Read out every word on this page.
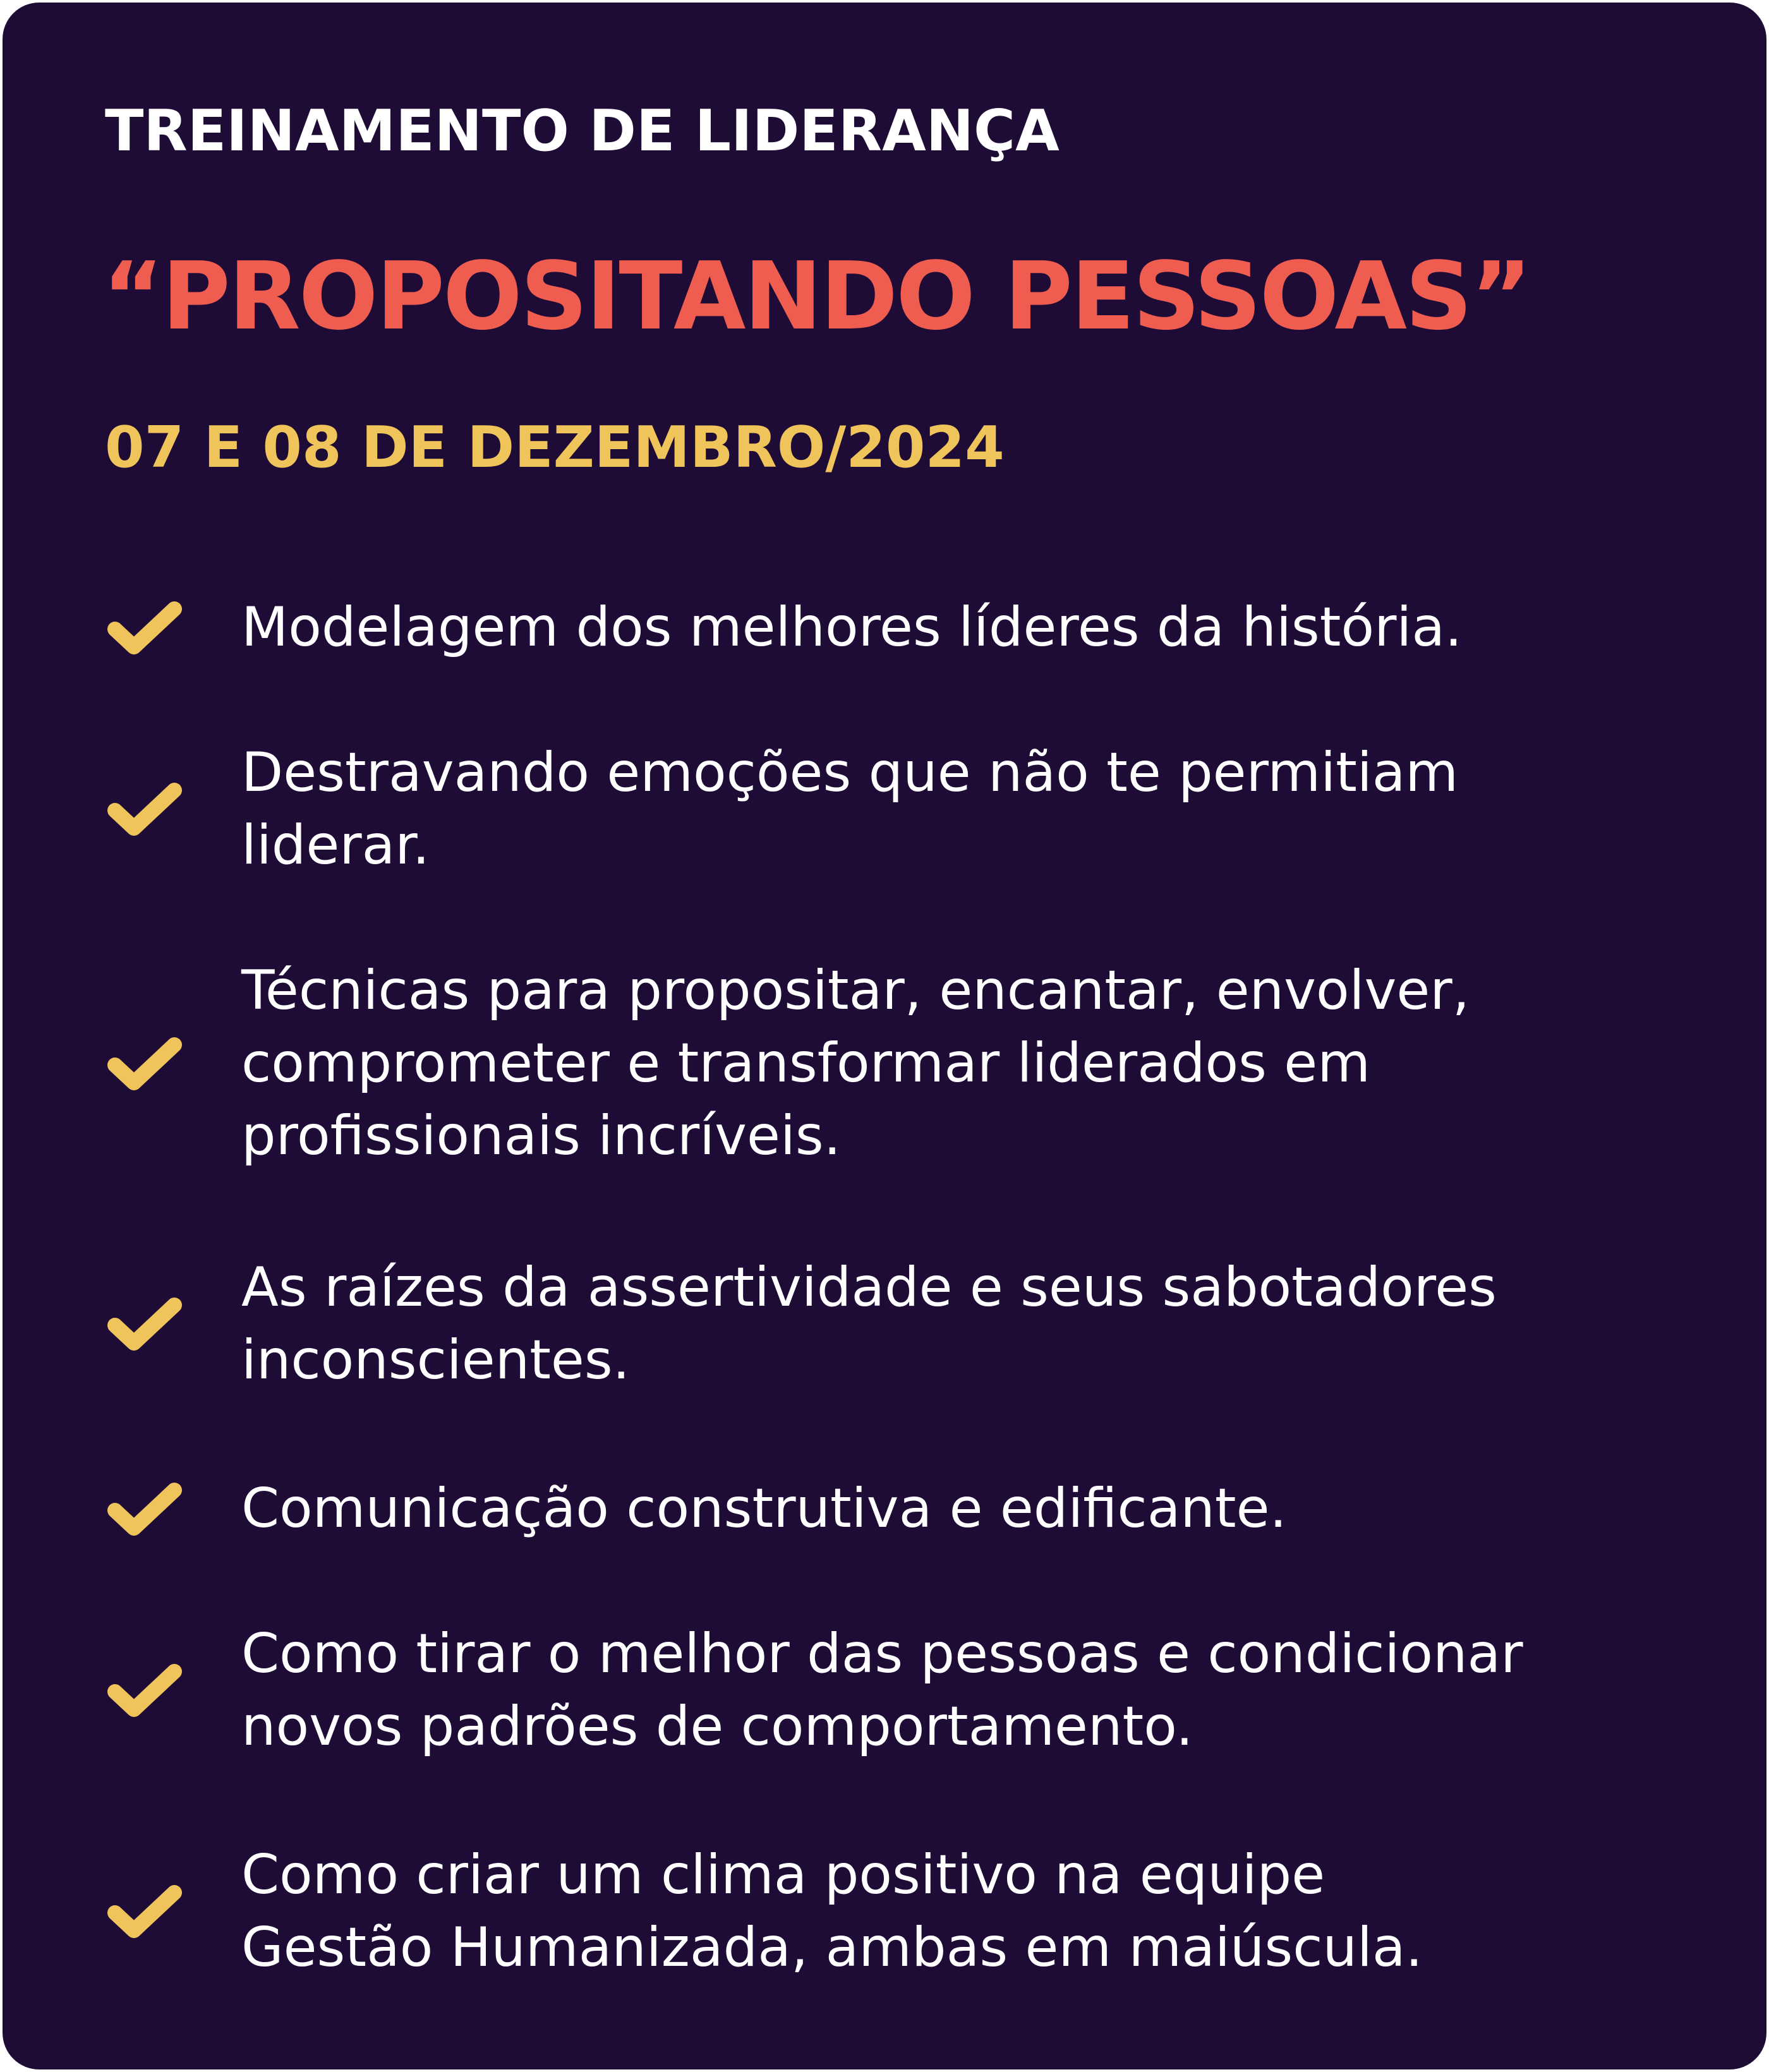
TREINAMENTO DE LIDERANÇA

“PROPOSITANDO PESSOAS”

07 E 08 DE DEZEMBRO/2024

Modelagem dos melhores líderes da história.
Destravando emoções que não te permitiam
liderar.
Técnicas para propositar, encantar, envolver,
comprometer e transformar liderados em
profissionais incríveis.
As raízes da assertividade e seus sabotadores
inconscientes.
Comunicação construtiva e edificante.
Como tirar o melhor das pessoas e condicionar
novos padrões de comportamento.
Como criar um clima positivo na equipe
Gestão Humanizada, ambas em maiúscula.
